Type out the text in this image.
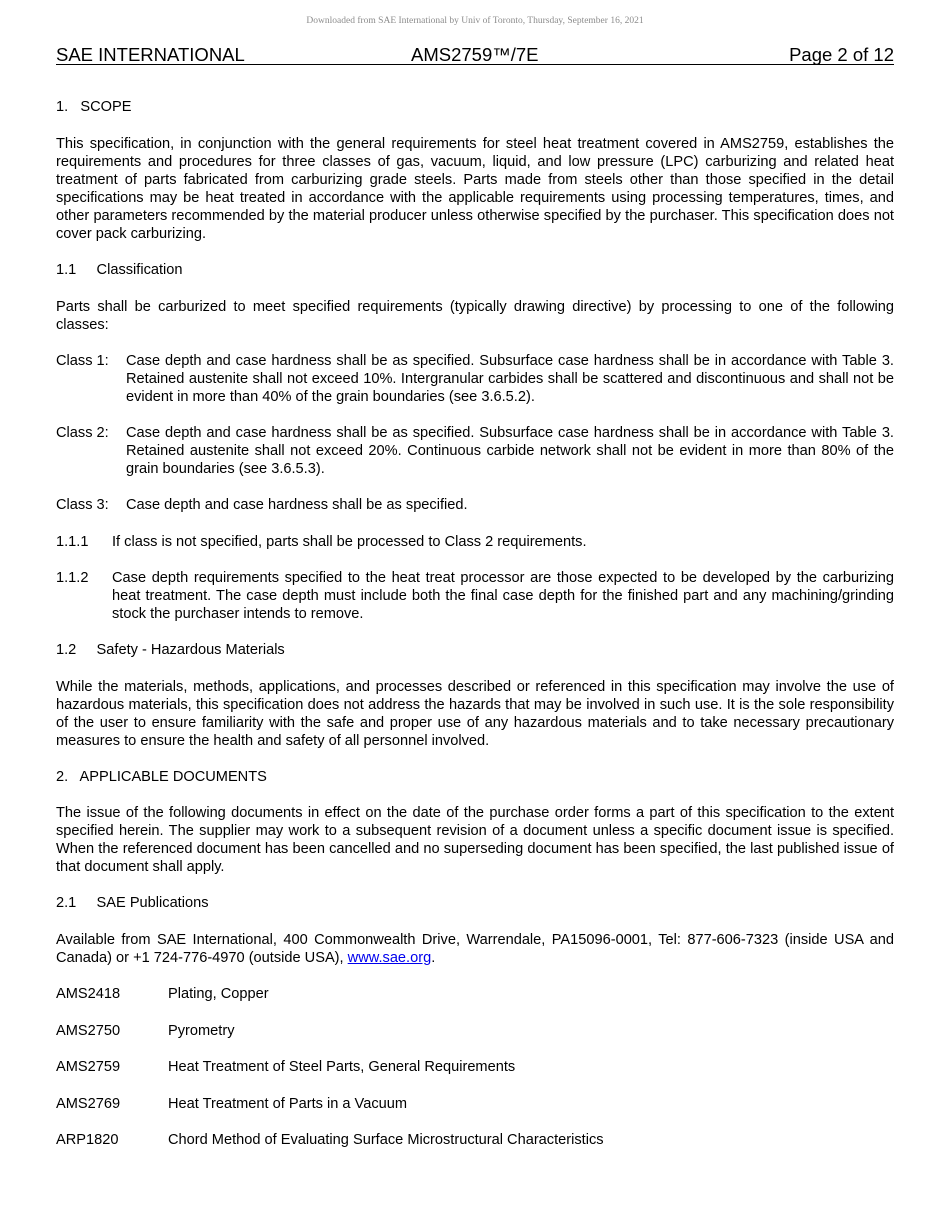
Downloaded from SAE International by Univ of Toronto, Thursday, September 16, 2021
SAE INTERNATIONAL	AMS2759™/7E	Page 2 of 12
1.   SCOPE
This specification, in conjunction with the general requirements for steel heat treatment covered in AMS2759, establishes the requirements and procedures for three classes of gas, vacuum, liquid, and low pressure (LPC) carburizing and related heat treatment of parts fabricated from carburizing grade steels. Parts made from steels other than those specified in the detail specifications may be heat treated in accordance with the applicable requirements using processing temperatures, times, and other parameters recommended by the material producer unless otherwise specified by the purchaser. This specification does not cover pack carburizing.
1.1     Classification
Parts shall be carburized to meet specified requirements (typically drawing directive) by processing to one of the following classes:
Class 1: Case depth and case hardness shall be as specified. Subsurface case hardness shall be in accordance with Table 3. Retained austenite shall not exceed 10%. Intergranular carbides shall be scattered and discontinuous and shall not be evident in more than 40% of the grain boundaries (see 3.6.5.2).
Class 2: Case depth and case hardness shall be as specified. Subsurface case hardness shall be in accordance with Table 3. Retained austenite shall not exceed 20%. Continuous carbide network shall not be evident in more than 80% of the grain boundaries (see 3.6.5.3).
Class 3: Case depth and case hardness shall be as specified.
1.1.1 If class is not specified, parts shall be processed to Class 2 requirements.
1.1.2 Case depth requirements specified to the heat treat processor are those expected to be developed by the carburizing heat treatment. The case depth must include both the final case depth for the finished part and any machining/grinding stock the purchaser intends to remove.
1.2     Safety - Hazardous Materials
While the materials, methods, applications, and processes described or referenced in this specification may involve the use of hazardous materials, this specification does not address the hazards that may be involved in such use. It is the sole responsibility of the user to ensure familiarity with the safe and proper use of any hazardous materials and to take necessary precautionary measures to ensure the health and safety of all personnel involved.
2.   APPLICABLE DOCUMENTS
The issue of the following documents in effect on the date of the purchase order forms a part of this specification to the extent specified herein. The supplier may work to a subsequent revision of a document unless a specific document issue is specified. When the referenced document has been cancelled and no superseding document has been specified, the last published issue of that document shall apply.
2.1     SAE Publications
Available from SAE International, 400 Commonwealth Drive, Warrendale, PA15096-0001, Tel: 877-606-7323 (inside USA and Canada) or +1 724-776-4970 (outside USA), www.sae.org.
AMS2418	Plating, Copper
AMS2750	Pyrometry
AMS2759	Heat Treatment of Steel Parts, General Requirements
AMS2769	Heat Treatment of Parts in a Vacuum
ARP1820	Chord Method of Evaluating Surface Microstructural Characteristics
